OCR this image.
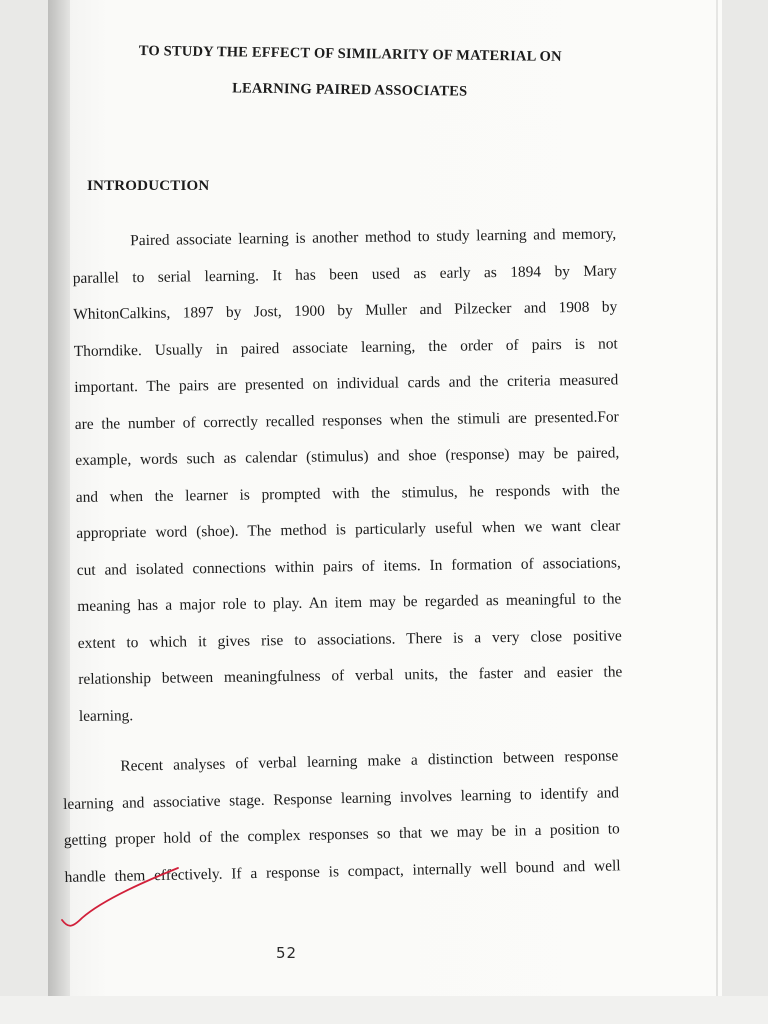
TO STUDY THE EFFECT OF SIMILARITY OF MATERIAL ON
LEARNING PAIRED ASSOCIATES
INTRODUCTION
Paired associate learning is another method to study learning and memory,
parallel to serial learning. It has been used as early as 1894 by Mary
WhitonCalkins, 1897 by Jost, 1900 by Muller and Pilzecker and 1908 by
Thorndike. Usually in paired associate learning, the order of pairs is not
important. The pairs are presented on individual cards and the criteria measured
are the number of correctly recalled responses when the stimuli are presented.For
example, words such as calendar (stimulus) and shoe (response) may be paired,
and when the learner is prompted with the stimulus, he responds with the
appropriate word (shoe). The method is particularly useful when we want clear
cut and isolated connections within pairs of items. In formation of associations,
meaning has a major role to play. An item may be regarded as meaningful to the
extent to which it gives rise to associations. There is a very close positive
relationship between meaningfulness of verbal units, the faster and easier the
learning.
Recent analyses of verbal learning make a distinction between response
learning and associative stage. Response learning involves learning to identify and
getting proper hold of the complex responses so that we may be in a position to
handle them effectively. If a response is compact, internally well bound and well
52
